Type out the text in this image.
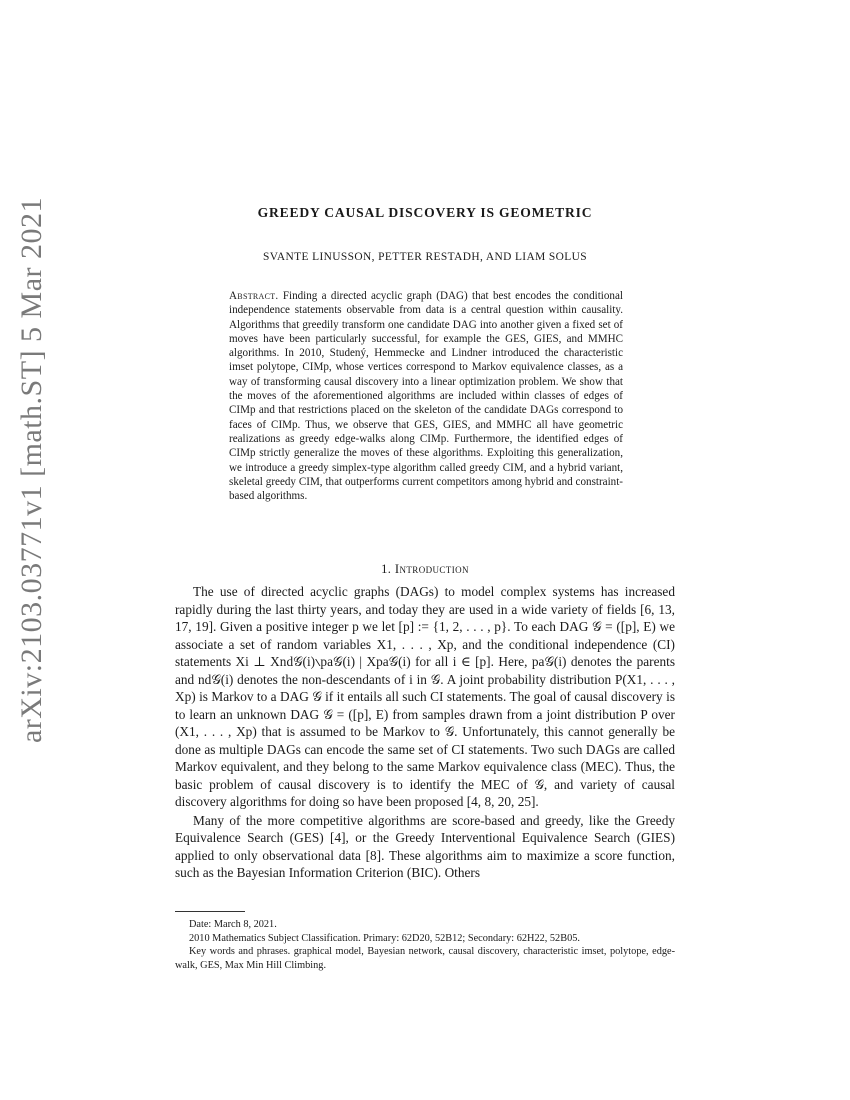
arXiv:2103.03771v1 [math.ST] 5 Mar 2021	GREEDY CAUSAL DISCOVERY IS GEOMETRIC
SVANTE LINUSSON, PETTER RESTADH, AND LIAM SOLUS
Abstract. Finding a directed acyclic graph (DAG) that best encodes the conditional independence statements observable from data is a central question within causality. Algorithms that greedily transform one candidate DAG into another given a fixed set of moves have been particularly successful, for example the GES, GIES, and MMHC algorithms. In 2010, Studený, Hemmecke and Lindner introduced the characteristic imset polytope, CIMp, whose vertices correspond to Markov equivalence classes, as a way of transforming causal discovery into a linear optimization problem. We show that the moves of the aforementioned algorithms are included within classes of edges of CIMp and that restrictions placed on the skeleton of the candidate DAGs correspond to faces of CIMp. Thus, we observe that GES, GIES, and MMHC all have geometric realizations as greedy edge-walks along CIMp. Furthermore, the identified edges of CIMp strictly generalize the moves of these algorithms. Exploiting this generalization, we introduce a greedy simplex-type algorithm called greedy CIM, and a hybrid variant, skeletal greedy CIM, that outperforms current competitors among hybrid and constraint-based algorithms.
1. Introduction

The use of directed acyclic graphs (DAGs) to model complex systems has increased rapidly during the last thirty years, and today they are used in a wide variety of fields [6, 13, 17, 19]. Given a positive integer p we let [p] := {1, 2, . . . , p}. To each DAG 𝒢 = ([p], E) we associate a set of random variables X1, . . . , Xp, and the conditional independence (CI) statements Xi ⊥ Xnd𝒢(i)∖pa𝒢(i) | Xpa𝒢(i) for all i ∈ [p]. Here, pa𝒢(i) denotes the parents and nd𝒢(i) denotes the non-descendants of i in 𝒢. A joint probability distribution P(X1, . . . , Xp) is Markov to a DAG 𝒢 if it entails all such CI statements. The goal of causal discovery is to learn an unknown DAG 𝒢 = ([p], E) from samples drawn from a joint distribution P over (X1, . . . , Xp) that is assumed to be Markov to 𝒢. Unfortunately, this cannot generally be done as multiple DAGs can encode the same set of CI statements. Two such DAGs are called Markov equivalent, and they belong to the same Markov equivalence class (MEC). Thus, the basic problem of causal discovery is to identify the MEC of 𝒢, and variety of causal discovery algorithms for doing so have been proposed [4, 8, 20, 25].

Many of the more competitive algorithms are score-based and greedy, like the Greedy Equivalence Search (GES) [4], or the Greedy Interventional Equivalence Search (GIES) applied to only observational data [8]. These algorithms aim to maximize a score function, such as the Bayesian Information Criterion (BIC). Others

Date: March 8, 2021.

2010 Mathematics Subject Classification. Primary: 62D20, 52B12; Secondary: 62H22, 52B05.

Key words and phrases. graphical model, Bayesian network, causal discovery, characteristic imset, polytope, edge-walk, GES, Max Min Hill Climbing.
